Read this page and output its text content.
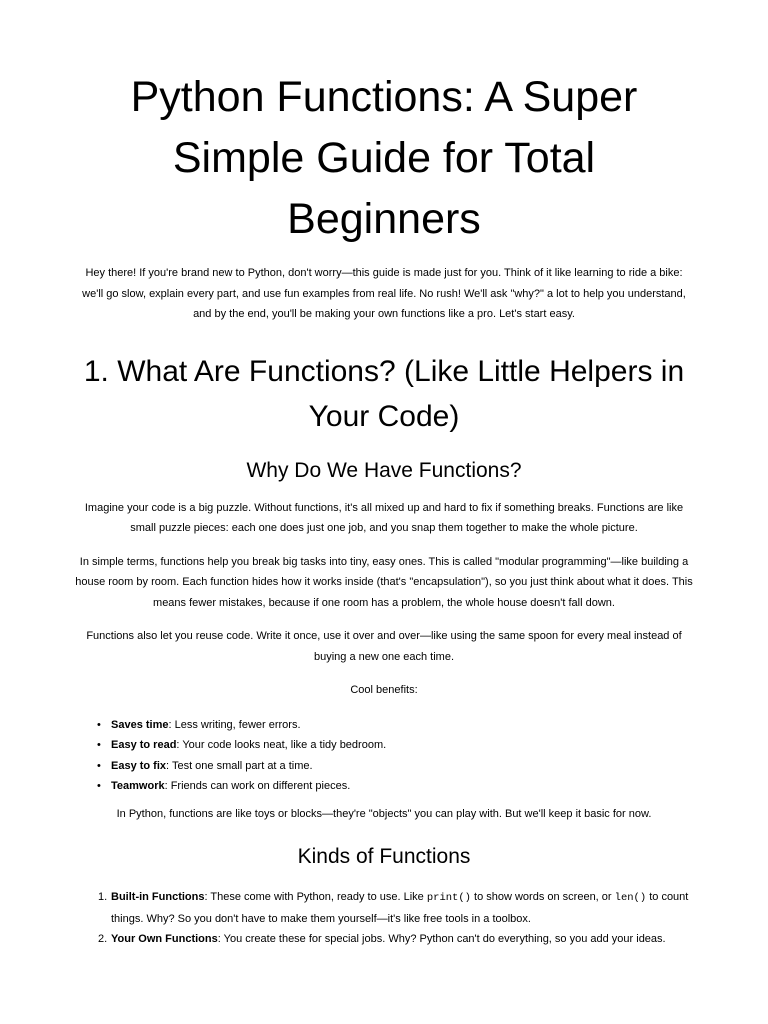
Python Functions: A Super Simple Guide for Total Beginners

Hey there! If you're brand new to Python, don't worry—this guide is made just for you. Think of it like learning to ride a bike: we'll go slow, explain every part, and use fun examples from real life. No rush! We'll ask "why?" a lot to help you understand, and by the end, you'll be making your own functions like a pro. Let's start easy.

1. What Are Functions? (Like Little Helpers in Your Code)
Why Do We Have Functions?

Imagine your code is a big puzzle. Without functions, it's all mixed up and hard to fix if something breaks. Functions are like small puzzle pieces: each one does just one job, and you snap them together to make the whole picture.

In simple terms, functions help you break big tasks into tiny, easy ones. This is called "modular programming"—like building a house room by room. Each function hides how it works inside (that's "encapsulation"), so you just think about what it does. This means fewer mistakes, because if one room has a problem, the whole house doesn't fall down.

Functions also let you reuse code. Write it once, use it over and over—like using the same spoon for every meal instead of buying a new one each time.

Cool benefits:

• Saves time: Less writing, fewer errors.
• Easy to read: Your code looks neat, like a tidy bedroom.
• Easy to fix: Test one small part at a time.
• Teamwork: Friends can work on different pieces.

In Python, functions are like toys or blocks—they're "objects" you can play with. But we'll keep it basic for now.

Kinds of Functions
1. Built-in Functions: These come with Python, ready to use. Like print() to show words on screen, or len() to count things. Why? So you don't have to make them yourself—it's like free tools in a toolbox.
2. Your Own Functions: You create these for special jobs. Why? Python can't do everything, so you add your ideas.
